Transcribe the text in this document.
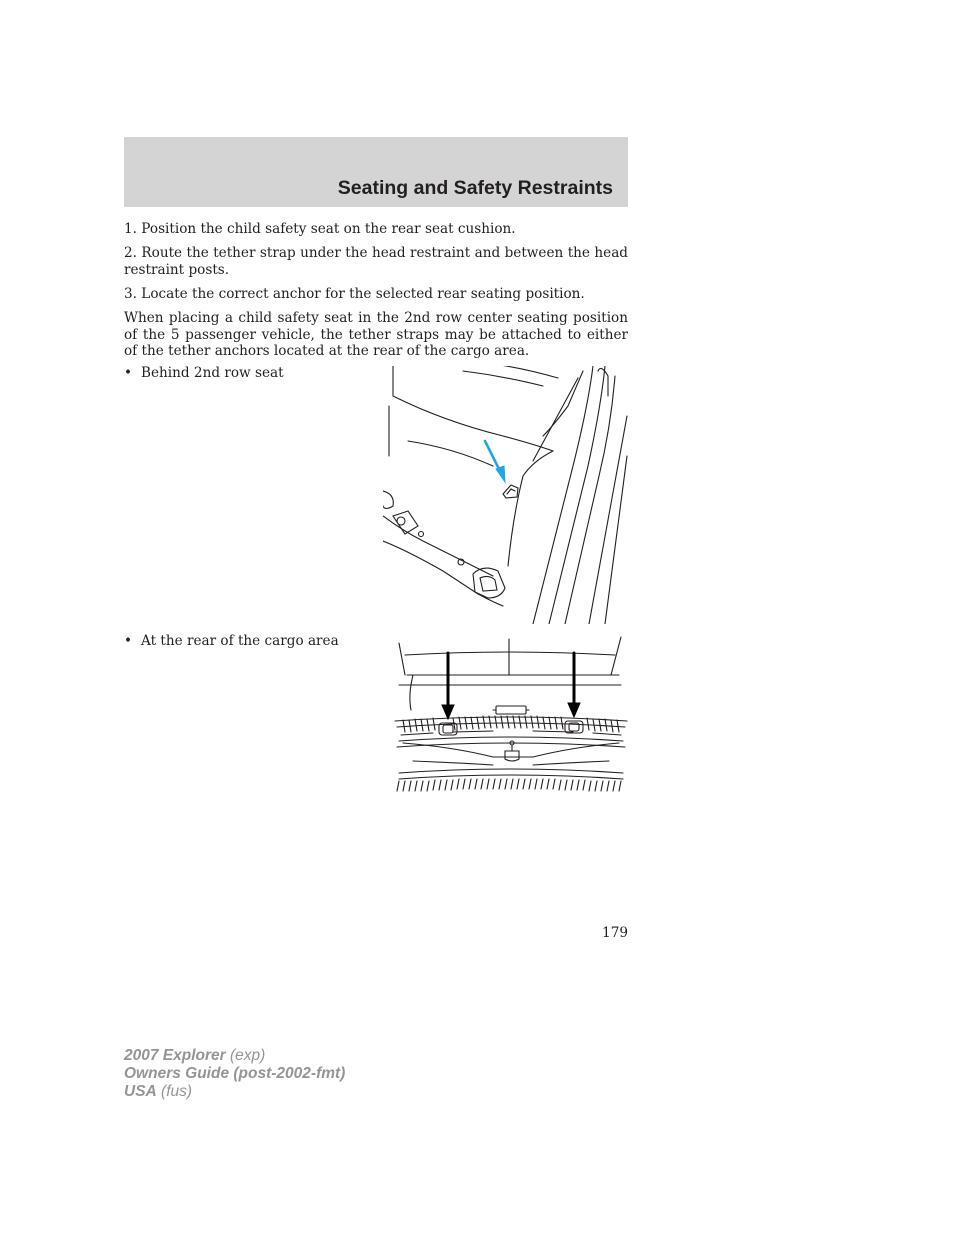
Seating and Safety Restraints

1. Position the child safety seat on the rear seat cushion.

2. Route the tether strap under the head restraint and between the head restraint posts.

3. Locate the correct anchor for the selected rear seating position.

When placing a child safety seat in the 2nd row center seating position of the 5 passenger vehicle, the tether straps may be attached to either of the tether anchors located at the rear of the cargo area.

• Behind 2nd row seat

• At the rear of the cargo area

179
2007 Explorer (exp)
Owners Guide (post-2002-fmt)
USA (fus)
